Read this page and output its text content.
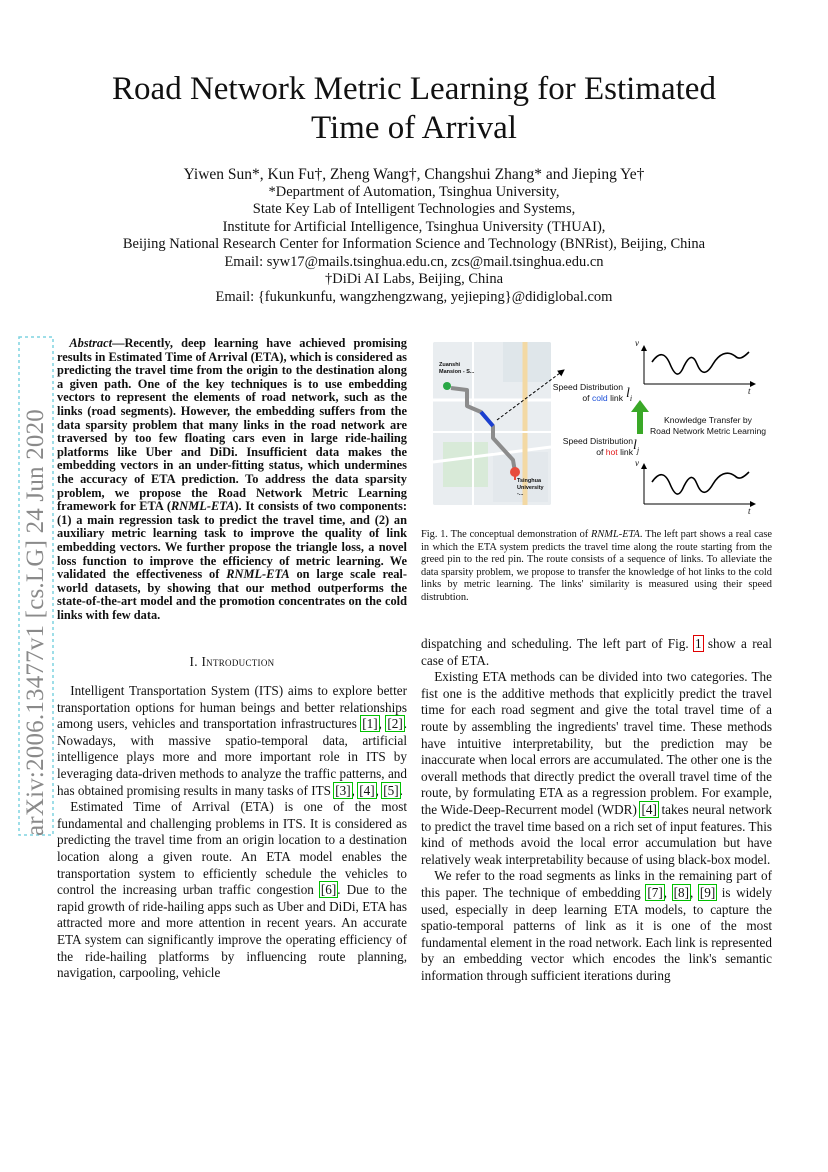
arXiv:2006.13477v1 [cs.LG] 24 Jun 2020
Road Network Metric Learning for Estimated Time of Arrival
Yiwen Sun*, Kun Fu†, Zheng Wang†, Changshui Zhang* and Jieping Ye†
*Department of Automation, Tsinghua University,
State Key Lab of Intelligent Technologies and Systems,
Institute for Artificial Intelligence, Tsinghua University (THUAI),
Beijing National Research Center for Information Science and Technology (BNRist), Beijing, China
Email: syw17@mails.tsinghua.edu.cn, zcs@mail.tsinghua.edu.cn
†DiDi AI Labs, Beijing, China
Email: {fukunkunfu, wangzhengzwang, yejieping}@didiglobal.com

Abstract—Recently, deep learning have achieved promising results in Estimated Time of Arrival (ETA), which is considered as predicting the travel time from the origin to the destination along a given path. One of the key techniques is to use embedding vectors to represent the elements of road network, such as the links (road segments). However, the embedding suffers from the data sparsity problem that many links in the road network are traversed by too few floating cars even in large ride-hailing platforms like Uber and DiDi. Insufficient data makes the embedding vectors in an under-fitting status, which undermines the accuracy of ETA prediction. To address the data sparsity problem, we propose the Road Network Metric Learning framework for ETA (RNML-ETA). It consists of two components: (1) a main regression task to predict the travel time, and (2) an auxiliary metric learning task to improve the quality of link embedding vectors. We further propose the triangle loss, a novel loss function to improve the efficiency of metric learning. We validated the effectiveness of RNML-ETA on large scale real-world datasets, by showing that our method outperforms the state-of-the-art model and the promotion concentrates on the cold links with few data.

I. Introduction

Intelligent Transportation System (ITS) aims to explore better transportation options for human beings and better relationships among users, vehicles and transportation infrastructures [1], [2]. Nowadays, with massive spatio-temporal data, artificial intelligence plays more and more important role in ITS by leveraging data-driven methods to analyze the traffic patterns, and has obtained promising results in many tasks of ITS [3], [4], [5].

Estimated Time of Arrival (ETA) is one of the most fundamental and challenging problems in ITS. It is considered as predicting the travel time from an origin location to a destination location along a given route. An ETA model enables the transportation system to efficiently schedule the vehicles to control the increasing urban traffic congestion [6]. Due to the rapid growth of ride-hailing apps such as Uber and DiDi, ETA has attracted more and more attention in recent years. An accurate ETA system can significantly improve the operating efficiency of the ride-hailing platforms by influencing route planning, navigation, carpooling, vehicle

Zuanshi Mansion - S...
Tsinghua University -...
Speed Distribution
of cold link
Speed Distribution
of hot link
Knowledge Transfer by
Road Network Metric Learning
$l_i$
$l_j$
v
t
v
t
Fig. 1. The conceptual demonstration of RNML-ETA. The left part shows a real case in which the ETA system predicts the travel time along the route starting from the greed pin to the red pin. The route consists of a sequence of links. To alleviate the data sparsity problem, we propose to transfer the knowledge of hot links to the cold links by metric learning. The links' similarity is measured using their speed distrubtion.

dispatching and scheduling. The left part of Fig. 1 show a real case of ETA.

Existing ETA methods can be divided into two categories. The fist one is the additive methods that explicitly predict the travel time for each road segment and give the total travel time of a route by assembling the ingredients' travel time. These methods have intuitive interpretability, but the prediction may be inaccurate when local errors are accumulated. The other one is the overall methods that directly predict the overall travel time of the route, by formulating ETA as a regression problem. For example, the Wide-Deep-Recurrent model (WDR) [4] takes neural network to predict the travel time based on a rich set of input features. This kind of methods avoid the local error accumulation but have relatively weak interpretability because of using black-box model.

We refer to the road segments as links in the remaining part of this paper. The technique of embedding [7], [8], [9] is widely used, especially in deep learning ETA models, to capture the spatio-temporal patterns of link as it is one of the most fundamental element in the road network. Each link is represented by an embedding vector which encodes the link's semantic information through sufficient iterations during
